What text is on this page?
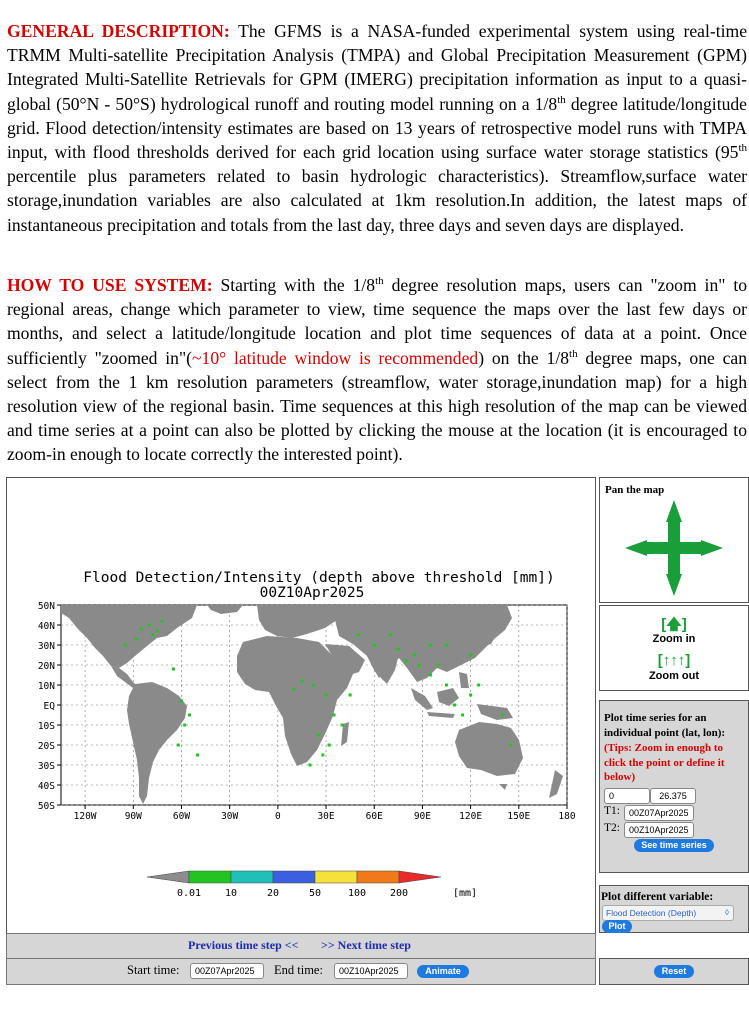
GENERAL DESCRIPTION: The GFMS is a NASA-funded experimental system using real-time TRMM Multi-satellite Precipitation Analysis (TMPA) and Global Precipitation Measurement (GPM) Integrated Multi-Satellite Retrievals for GPM (IMERG) precipitation information as input to a quasi-global (50°N - 50°S) hydrological runoff and routing model running on a 1/8th degree latitude/longitude grid. Flood detection/intensity estimates are based on 13 years of retrospective model runs with TMPA input, with flood thresholds derived for each grid location using surface water storage statistics (95th percentile plus parameters related to basin hydrologic characteristics). Streamflow,surface water storage,inundation variables are also calculated at 1km resolution.In addition, the latest maps of instantaneous precipitation and totals from the last day, three days and seven days are displayed.

HOW TO USE SYSTEM: Starting with the 1/8th degree resolution maps, users can "zoom in" to regional areas, change which parameter to view, time sequence the maps over the last few days or months, and select a latitude/longitude location and plot time sequences of data at a point. Once sufficiently "zoomed in"(~10° latitude window is recommended) on the 1/8th degree maps, one can select from the 1 km resolution parameters (streamflow, water storage,inundation map) for a high resolution view of the regional basin. Time sequences at this high resolution of the map can be viewed and time series at a point can also be plotted by clicking the mouse at the location (it is encouraged to zoom-in enough to locate correctly the interested point).

Flood Detection/Intensity (depth above threshold [mm])
00Z10Apr2025
50N
40N
30N
20N
10N
EQ
10S
20S
30S
40S
50S
120W	90W	60W	30W	0	30E	60E	90E	120E	150E	180
0.01 10	20	50	100 200	[mm]
Previous time step << >> Next time step
Start time:	00Z07Apr2025	End time:	00Z10Apr2025	Animate
Pan the map
[🡅]
Zoom in
[↑↑↑]
Zoom out
Plot time series for an individual point (lat, lon):
(Tips: Zoom in enough to click the point or define it below)
0	26.375
T1:	00Z07Apr2025
T2:	00Z10Apr2025
See time series
Plot different variable:
Flood Detection (Depth)	◊
Plot
Reset
